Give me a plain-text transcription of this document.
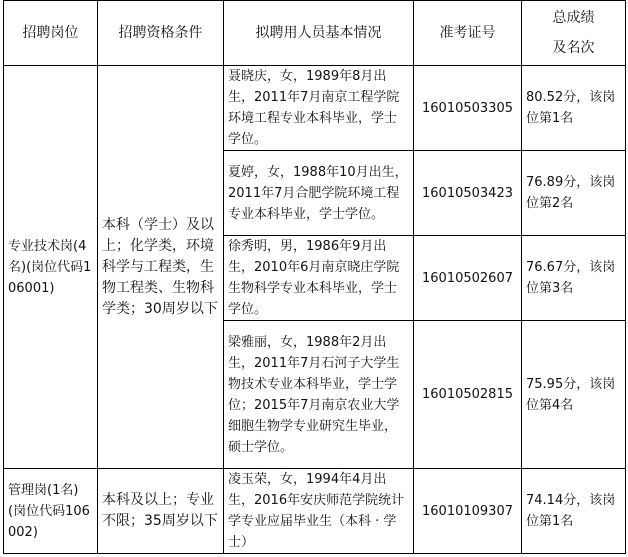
招聘岗位	招聘资格条件	拟聘用人员基本情况	准考证号	总成绩
及名次

专业技术岗(4名)(岗位代码106001)	本科（学士）及以上；化学类，环境科学与工程类，生物工程类、生物科学类；30周岁以下	聂晓庆，女，1989年8月出生，2011年7月南京工程学院环境工程专业本科毕业，学士学位。	16010503305	80.52分，该岗位第1名
		夏婷，女，1988年10月出生，2011年7月合肥学院环境工程专业本科毕业，学士学位。	16010503423	76.89分，该岗位第2名
		徐秀明，男，1986年9月出生，2010年6月南京晓庄学院生物科学专业本科毕业，学士学位。	16010502607	76.67分，该岗位第3名
		梁雅丽，女，1988年2月出生，2011年7月石河子大学生物技术专业本科毕业，学士学位；2015年7月南京农业大学细胞生物学专业研究生毕业，硕士学位。	16010502815	75.95分，该岗位第4名
管理岗(1名)(岗位代码106002)	本科及以上；专业不限；35周岁以下	凌玉荣，女，1994年4月出生，2016年安庆师范学院统计学专业应届毕业生（本科 · 学士）	16010109307	74.14分，该岗位第1名
